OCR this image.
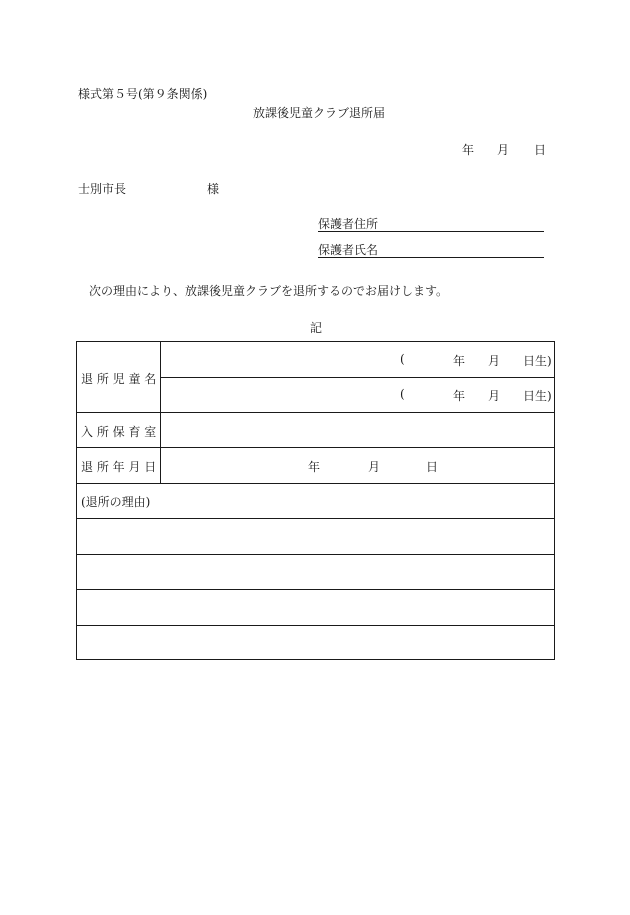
様式第５号(第９条関係)
放課後児童クラブ退所届
年 月 日
士別市長	様
保護者住所
保護者氏名
次の理由により、放課後児童クラブを退所するのでお届けします。
記
退 所 児 童 名
(	年 月 日生)
(	年 月 日生)
入 所 保 育 室
退 所 年 月 日	年	月	日
(退所の理由)
